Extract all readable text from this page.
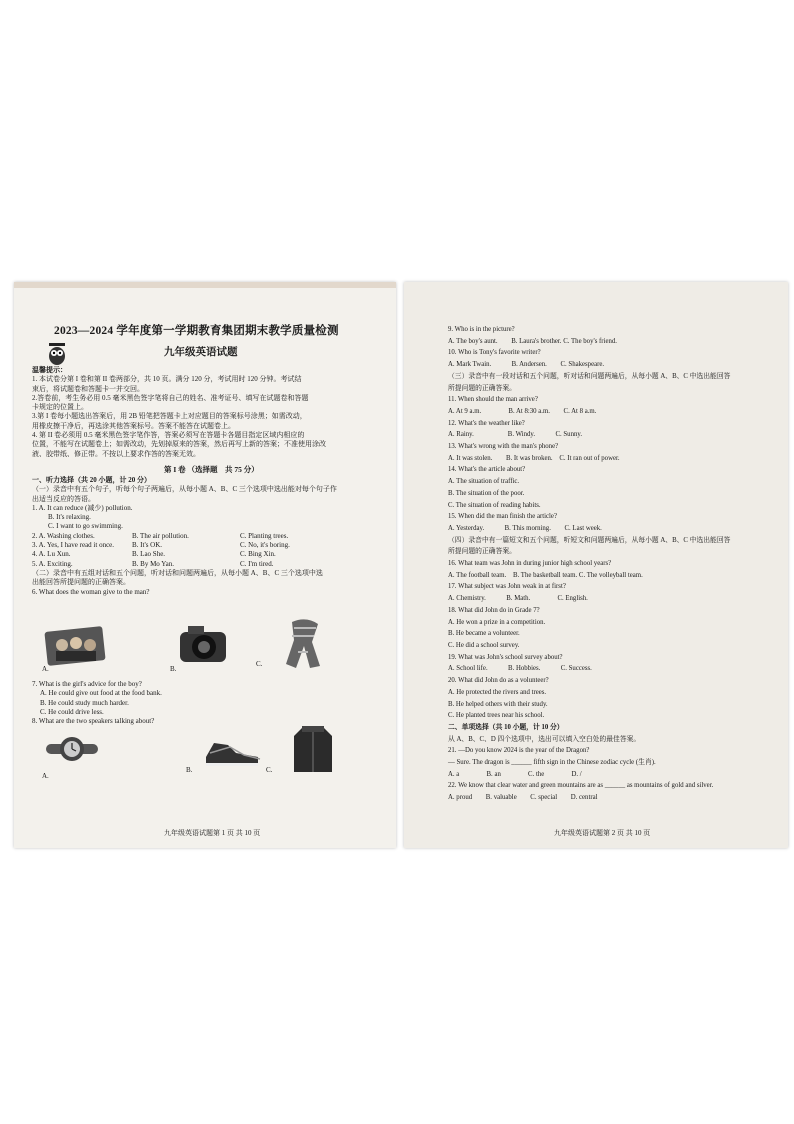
2023—2024 学年度第一学期教育集团期末教学质量检测
九年级英语试题
温馨提示：
1. 本试卷分第 I 卷和第 II 卷两部分，共 10 页。满分 120 分，考试用时 120 分钟。考试结
束后，将试题卷和答题卡一并交回。
2.答卷前，考生务必用 0.5 毫米黑色签字笔将自己的姓名、准考证号、填写在试题卷和答题
卡规定的位置上。
3.第 I 卷每小题选出答案后，用 2B 铅笔把答题卡上对应题目的答案标号涂黑；如需改动，
用橡皮擦干净后，再选涂其他答案标号。答案不能答在试题卷上。
4. 第 II 卷必须用 0.5 毫米黑色签字笔作答，答案必须写在答题卡各题目指定区域内相应的
位置，不能写在试题卷上；如需改动，先划掉原来的答案，然后再写上新的答案；不准使用涂改
液、胶带纸、修正带。不按以上要求作答的答案无效。
第 I 卷 （选择题　共 75 分）
一、听力选择（共 20 小题，计 20 分）
（一）录音中有五个句子，听每个句子两遍后，从每小题 A、B、C 三个选项中选出能对每个句子作
出适当反应的答语。
1. A. It can reduce (减少) pollution.
B. It's relaxing.
C. I want to go swimming.
2. A. Washing clothes.	B. The air pollution.	C. Planting trees.
3. A. Yes, I have read it once.	B. It's OK.	C. No, it's boring.
4. A. Lu Xun.	B. Lao She.	C. Bing Xin.
5. A. Exciting.	B. By Mo Yan.	C. I'm tired.
（二）录音中有五组对话和五个问题，听对话和问题两遍后，从每小题 A、B、C 三个选项中选
出能回答所提问题的正确答案。
6. What does the woman give to the man?
A.	B.
C.
7. What is the girl's advice for the boy?
A. He could give out food at the food bank.
B. He could study much harder.
C. He could drive less.
8. What are the two speakers talking about?
A.
B.	C.
九年级英语试题第 1 页 共 10 页
9. Who is in the picture?
A. The boy's aunt.　　B. Laura's brother. C. The boy's friend.
10. Who is Tony's favorite writer?
A. Mark Twain.　　　B. Andersen.　　C. Shakespeare.
（三）录音中有一段对话和五个问题，听对话和问题两遍后，从每小题 A、B、C 中选出能回答
所提问题的正确答案。
11. When should the man arrive?
A. At 9 a.m.　　　　B. At 8:30 a.m.　　C. At 8 a.m.
12. What's the weather like?
A. Rainy.　　　　　B. Windy.　　　C. Sunny.
13. What's wrong with the man's phone?
A. It was stolen.　　B. It was broken.　C. It ran out of power.
14. What's the article about?
A. The situation of traffic.
B. The situation of the poor.
C. The situation of reading habits.
15. When did the man finish the article?
A. Yesterday.　　　B. This morning.　　C. Last week.
（四）录音中有一篇短文和五个问题，听短文和问题两遍后，从每小题 A、B、C 中选出能回答
所提问题的正确答案。
16. What team was John in during junior high school years?
A. The football team.　B. The basketball team. C. The volleyball team.
17. What subject was John weak in at first?
A. Chemistry.　　　B. Math.　　　　C. English.
18. What did John do in Grade 7?
A. He won a prize in a competition.
B. He became a volunteer.
C. He did a school survey.
19. What was John's school survey about?
A. School life.　　　B. Hobbies.　　　C. Success.
20. What did John do as a volunteer?
A. He protected the rivers and trees.
B. He helped others with their study.
C. He planted trees near his school.
二、单项选择（共 10 小题，计 10 分）
从 A、B、C、D 四个选项中，选出可以填入空白处的最佳答案。
21. —Do you know 2024 is the year of the Dragon?
— Sure. The dragon is ______ fifth sign in the Chinese zodiac cycle (生肖).
A. a　　　　B. an　　　　C. the　　　　D. /
22. We know that clear water and green mountains are as ______ as mountains of gold and silver.
A. proud　　B. valuable　　C. special　　D. central
九年级英语试题第 2 页 共 10 页
